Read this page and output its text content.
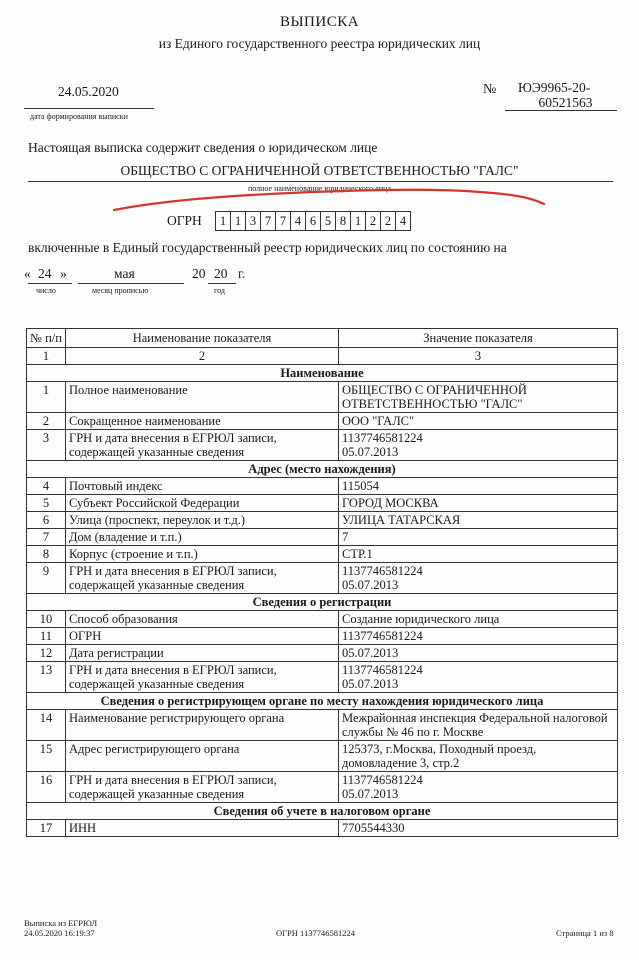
ВЫПИСКА
из Единого государственного реестра юридических лиц
24.05.2020
дата формирования выписки
№ ЮЭ9965-20-
60521563
Настоящая выписка содержит сведения о юридическом лице
ОБЩЕСТВО С ОГРАНИЧЕННОЙ ОТВЕТСТВЕННОСТЬЮ "ГАЛС"
полное наименование юридического лица
ОГРН	1 1 3 7 7 4 6 5 8 1 2 2 4
включенные в Единый государственный реестр юридических лиц по состоянию на
« 24 »
число
мая
месяц прописью
20 20 г.
год
№ п/п	Наименование показателя	Значение показателя
1	2	3
Наименование		
1	Полное наименование	ОБЩЕСТВО С ОГРАНИЧЕННОЙ ОТВЕТСТВЕННОСТЬЮ "ГАЛС"
2	Сокращенное наименование	ООО "ГАЛС"
3	ГРН и дата внесения в ЕГРЮЛ записи, содержащей указанные сведения	1137746581224 05.07.2013
Адрес (место нахождения)		
4	Почтовый индекс	115054
5	Субъект Российской Федерации	ГОРОД МОСКВА
6	Улица (проспект, переулок и т.д.)	УЛИЦА ТАТАРСКАЯ
7	Дом (владение и т.п.)	7
8	Корпус (строение и т.п.)	СТР.1
9	ГРН и дата внесения в ЕГРЮЛ записи, содержащей указанные сведения	1137746581224 05.07.2013
Сведения о регистрации		
10	Способ образования	Создание юридического лица
11	ОГРН	1137746581224
12	Дата регистрации	05.07.2013
13	ГРН и дата внесения в ЕГРЮЛ записи, содержащей указанные сведения	1137746581224 05.07.2013
Сведения о регистрирующем органе по месту нахождения юридического лица		
14	Наименование регистрирующего органа	Межрайонная инспекция Федеральной налоговой службы № 46 по г. Москве
15	Адрес регистрирующего органа	125373, г.Москва, Походный проезд, домовладение 3, стр.2
16	ГРН и дата внесения в ЕГРЮЛ записи, содержащей указанные сведения	1137746581224 05.07.2013
Сведения об учете в налоговом органе		
17	ИНН	7705544330
Выписка из ЕГРЮЛ
24.05.2020 16:19:37	ОГРН 1137746581224	Страница 1 из 8
